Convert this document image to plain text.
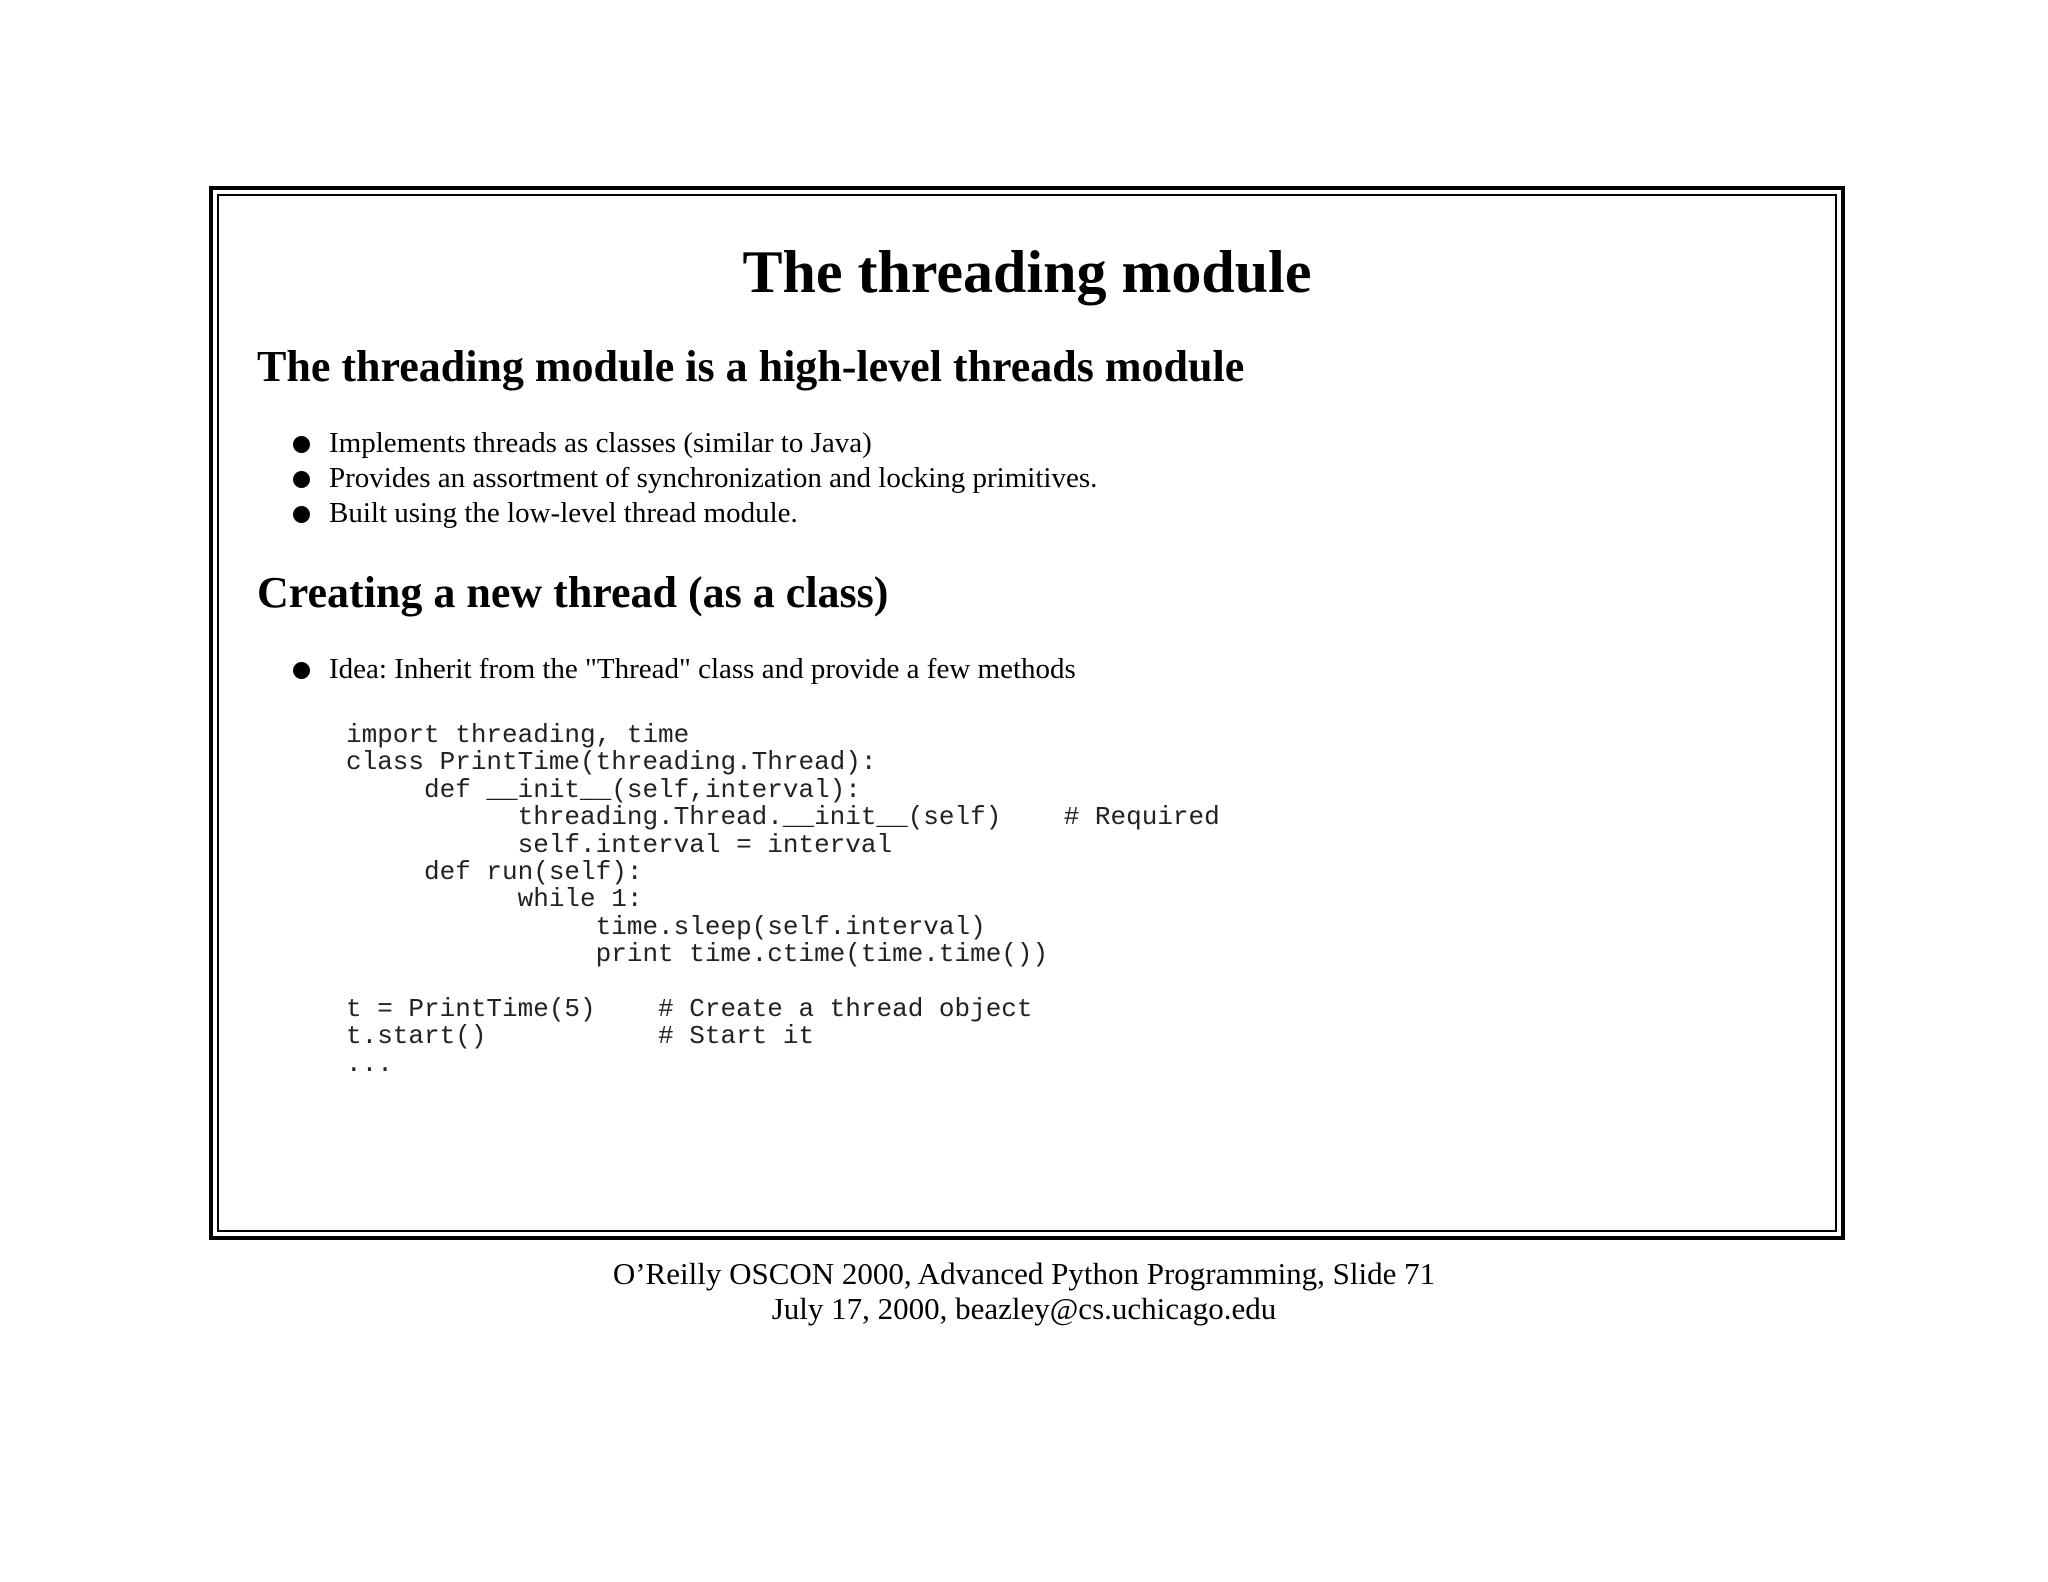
The threading module
The threading module is a high-level threads module
Implements threads as classes (similar to Java)
Provides an assortment of synchronization and locking primitives.
Built using the low-level thread module.
Creating a new thread (as a class)
Idea: Inherit from the "Thread" class and provide a few methods
import threading, time
class PrintTime(threading.Thread):
def __init__(self,interval):
threading.Thread.__init__(self)    # Required
self.interval = interval
def run(self):
while 1:
time.sleep(self.interval)
print time.ctime(time.time())
t = PrintTime(5)    # Create a thread object
t.start()           # Start it
...
O’Reilly OSCON 2000, Advanced Python Programming, Slide 71
July 17, 2000, beazley@cs.uchicago.edu
